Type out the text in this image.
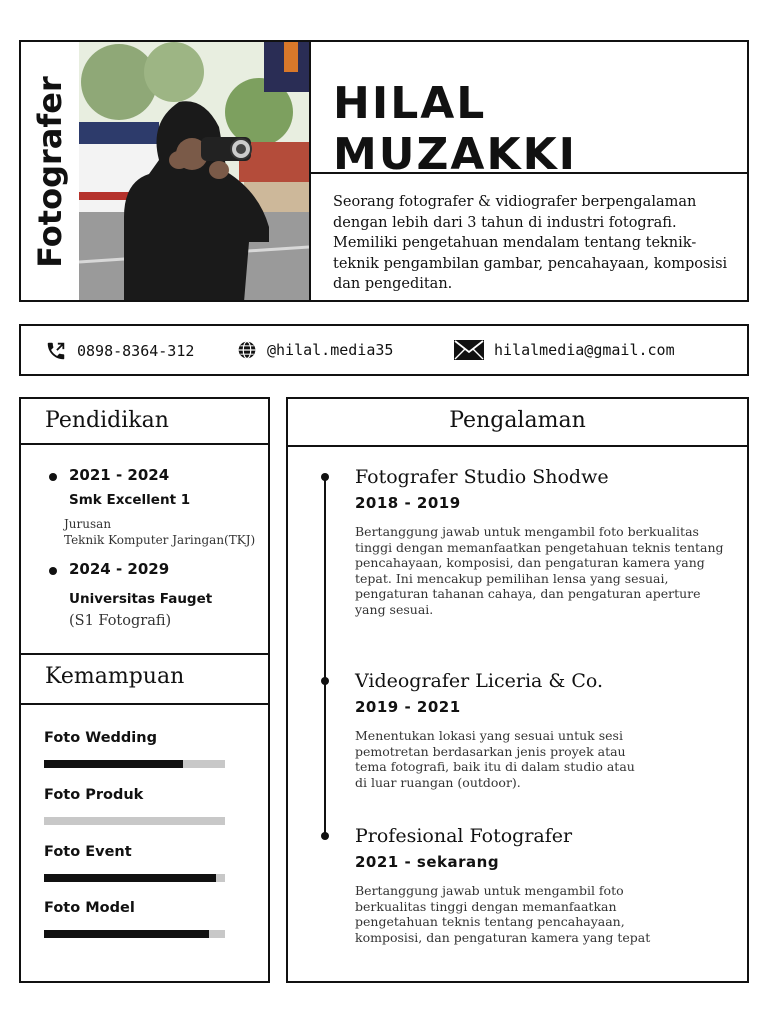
Fotografer	HILAL MUZAKKI

Seorang fotografer & vidiografer berpengalaman dengan lebih dari 3 tahun di industri fotografi. Memiliki pengetahuan mendalam tentang teknik-teknik pengambilan gambar, pencahayaan, komposisi dan pengeditan.

0898-8364-312	@hilal.media35	hilalmedia@gmail.com
Pendidikan
2021 - 2024
Smk Excellent 1
Jurusan
Teknik Komputer Jaringan(TKJ)
2024 - 2029
Universitas Fauget
(S1 Fotografi)
Kemampuan
Foto Wedding
Foto Produk
Foto Event
Foto Model
Pengalaman
Fotografer Studio Shodwe
2018 - 2019
Bertanggung jawab untuk mengambil foto berkualitas tinggi dengan memanfaatkan pengetahuan teknis tentang pencahayaan, komposisi, dan pengaturan kamera yang tepat. Ini mencakup pemilihan lensa yang sesuai, pengaturan tahanan cahaya, dan pengaturan aperture yang sesuai.
Videografer Liceria & Co.
2019 - 2021
Menentukan lokasi yang sesuai untuk sesi pemotretan berdasarkan jenis proyek atau tema fotografi, baik itu di dalam studio atau di luar ruangan (outdoor).
Profesional Fotografer
2021 - sekarang
Bertanggung jawab untuk mengambil foto berkualitas tinggi dengan memanfaatkan pengetahuan teknis tentang pencahayaan, komposisi, dan pengaturan kamera yang tepat
